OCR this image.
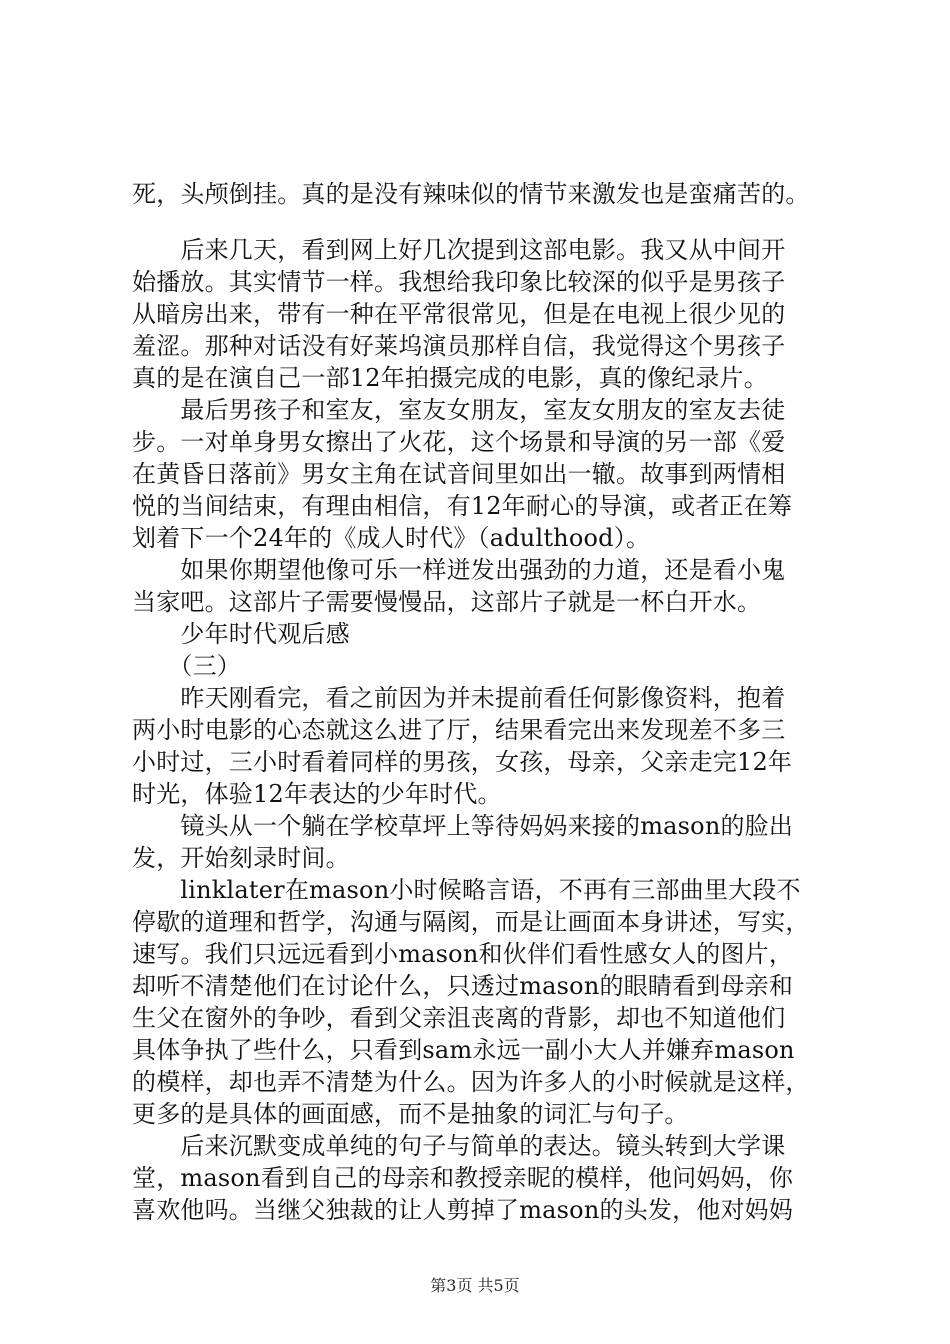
死，头颅倒挂。真的是没有辣味似的情节来激发也是蛮痛苦的。
　　后来几天，看到网上好几次提到这部电影。我又从中间开
始播放。其实情节一样。我想给我印象比较深的似乎是男孩子
从暗房出来，带有一种在平常很常见，但是在电视上很少见的
羞涩。那种对话没有好莱坞演员那样自信，我觉得这个男孩子
真的是在演自己一部12年拍摄完成的电影，真的像纪录片。
　　最后男孩子和室友，室友女朋友，室友女朋友的室友去徒
步。一对单身男女擦出了火花，这个场景和导演的另一部《爱
在黄昏日落前》男女主角在试音间里如出一辙。故事到两情相
悦的当间结束，有理由相信，有12年耐心的导演，或者正在筹
划着下一个24年的《成人时代》（adulthood）。
　　如果你期望他像可乐一样迸发出强劲的力道，还是看小鬼
当家吧。这部片子需要慢慢品，这部片子就是一杯白开水。
　　少年时代观后感
　　（三）
　　昨天刚看完，看之前因为并未提前看任何影像资料，抱着
两小时电影的心态就这么进了厅，结果看完出来发现差不多三
小时过，三小时看着同样的男孩，女孩，母亲，父亲走完12年
时光，体验12年表达的少年时代。
　　镜头从一个躺在学校草坪上等待妈妈来接的mason的脸出
发，开始刻录时间。
　　linklater在mason小时候略言语，不再有三部曲里大段不
停歇的道理和哲学，沟通与隔阂，而是让画面本身讲述，写实，
速写。我们只远远看到小mason和伙伴们看性感女人的图片，
却听不清楚他们在讨论什么，只透过mason的眼睛看到母亲和
生父在窗外的争吵，看到父亲沮丧离的背影，却也不知道他们
具体争执了些什么，只看到sam永远一副小大人并嫌弃mason
的模样，却也弄不清楚为什么。因为许多人的小时候就是这样，
更多的是具体的画面感，而不是抽象的词汇与句子。
　　后来沉默变成单纯的句子与简单的表达。镜头转到大学课
堂，mason看到自己的母亲和教授亲昵的模样，他问妈妈，你
喜欢他吗。当继父独裁的让人剪掉了mason的头发，他对妈妈
第3页 共5页
